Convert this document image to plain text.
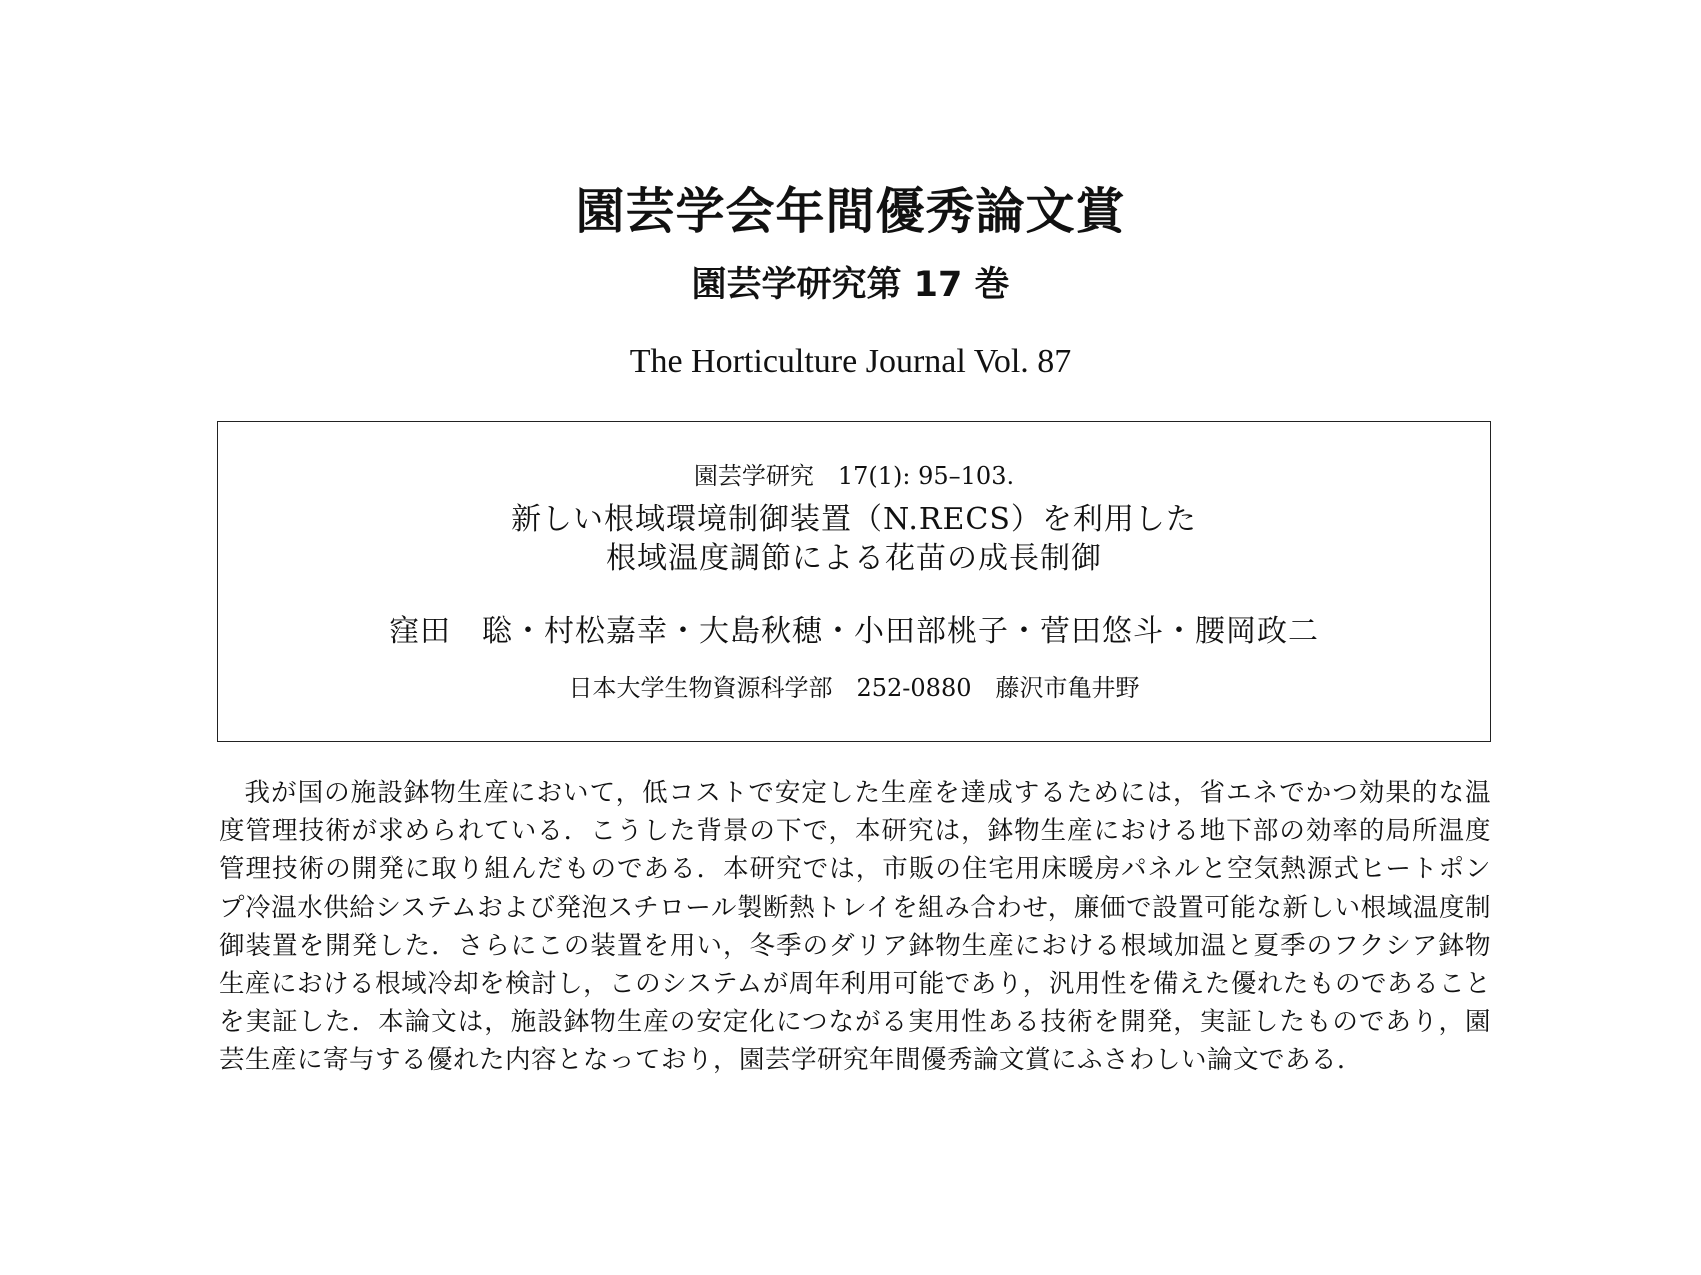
園芸学会年間優秀論文賞
園芸学研究第 17 巻

The Horticulture Journal Vol. 87

園芸学研究　17(1): 95–103.
新しい根域環境制御装置（N.RECS）を利用した
根域温度調節による花苗の成長制御
窪田　聡・村松嘉幸・大島秋穂・小田部桃子・菅田悠斗・腰岡政二
日本大学生物資源科学部　252-0880　藤沢市亀井野

我が国の施設鉢物生産において，低コストで安定した生産を達成するためには，省エネでかつ効果的な温度管理技術が求められている．こうした背景の下で，本研究は，鉢物生産における地下部の効率的局所温度管理技術の開発に取り組んだものである．本研究では，市販の住宅用床暖房パネルと空気熱源式ヒートポンプ冷温水供給システムおよび発泡スチロール製断熱トレイを組み合わせ，廉価で設置可能な新しい根域温度制御装置を開発した．さらにこの装置を用い，冬季のダリア鉢物生産における根域加温と夏季のフクシア鉢物生産における根域冷却を検討し，このシステムが周年利用可能であり，汎用性を備えた優れたものであることを実証した．本論文は，施設鉢物生産の安定化につながる実用性ある技術を開発，実証したものであり，園芸生産に寄与する優れた内容となっており，園芸学研究年間優秀論文賞にふさわしい論文である．
